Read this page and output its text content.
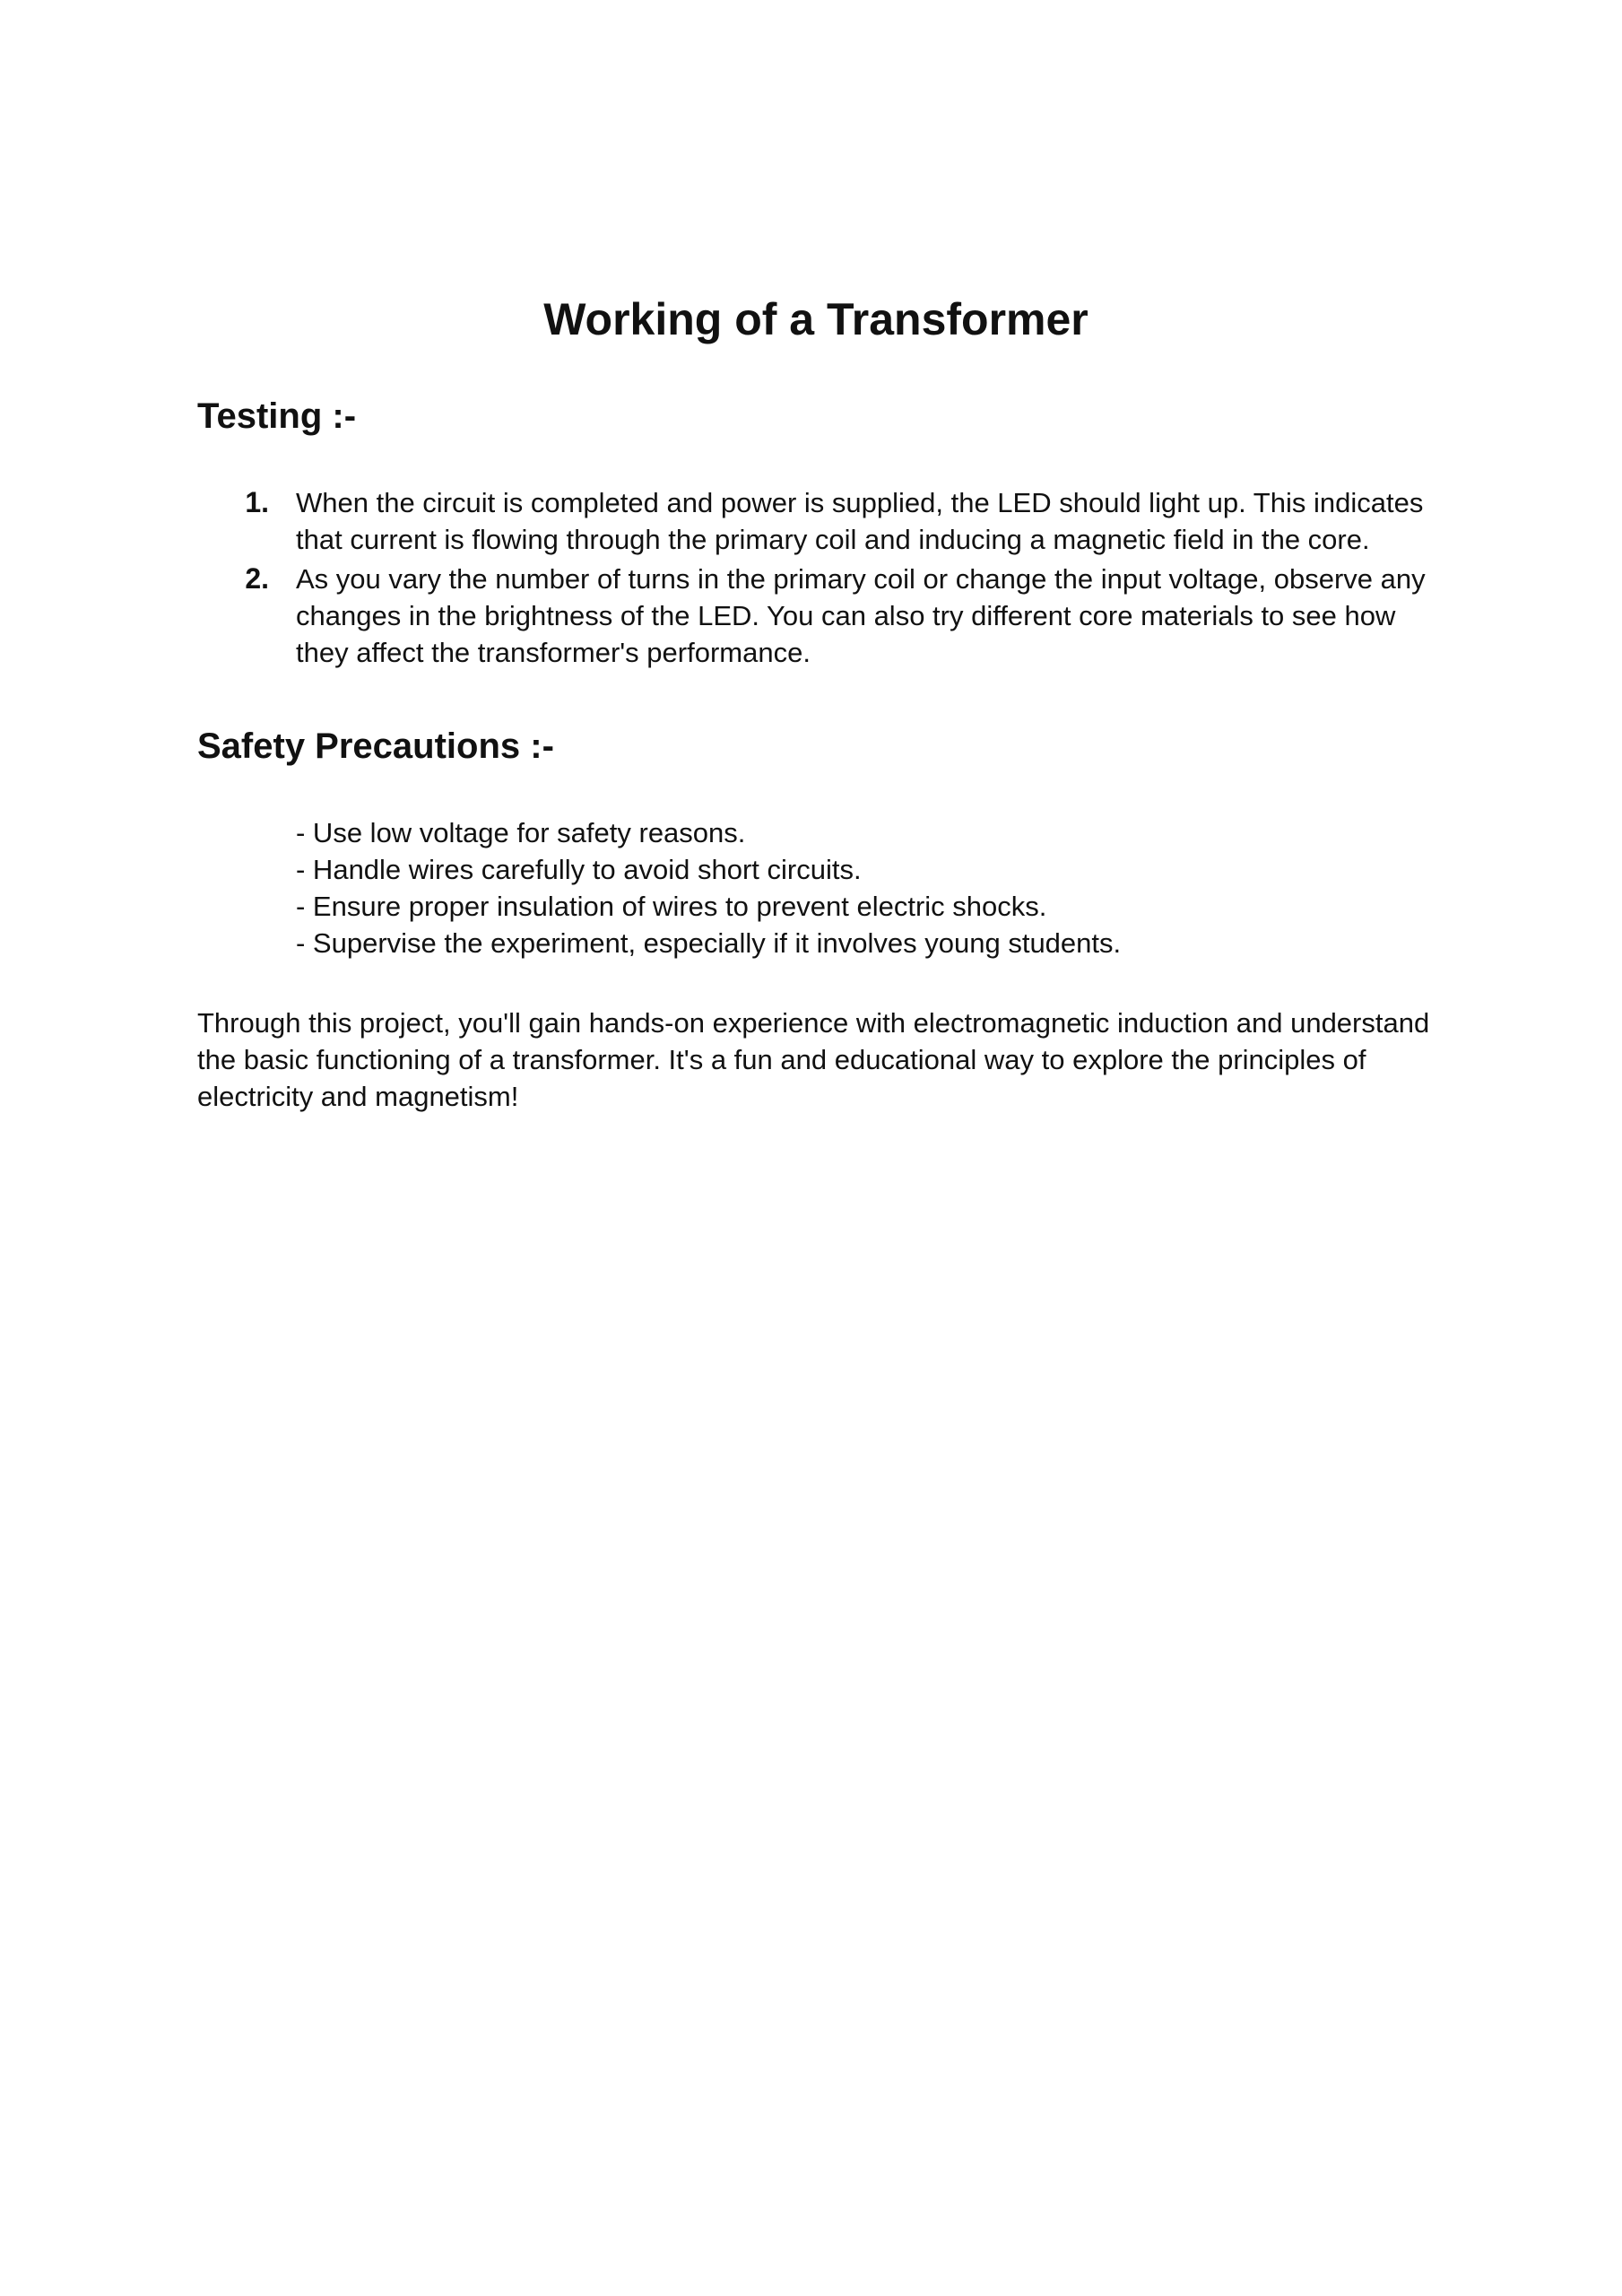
Working of a Transformer
Testing :-
1. When the circuit is completed and power is supplied, the LED should light up. This indicates that current is flowing through the primary coil and inducing a magnetic field in the core.
2. As you vary the number of turns in the primary coil or change the input voltage, observe any changes in the brightness of the LED. You can also try different core materials to see how they affect the transformer's performance.
Safety Precautions :-
- Use low voltage for safety reasons.
- Handle wires carefully to avoid short circuits.
- Ensure proper insulation of wires to prevent electric shocks.
- Supervise the experiment, especially if it involves young students.

Through this project, you'll gain hands-on experience with electromagnetic induction and understand the basic functioning of a transformer. It's a fun and educational way to explore the principles of electricity and magnetism!
